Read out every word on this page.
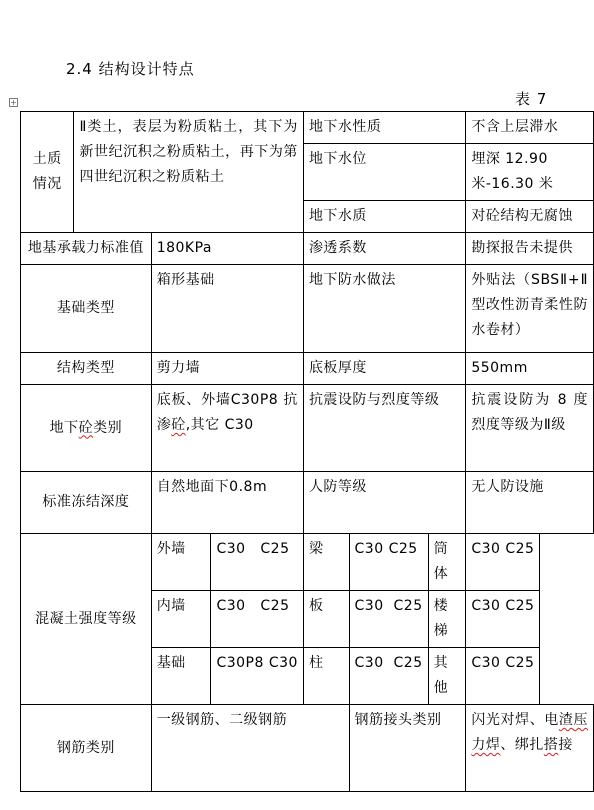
2.4 结构设计特点
表 7
+
土质情况	Ⅱ类土，表层为粉质粘土，其下为新世纪沉积之粉质粘土，再下为第四世纪沉积之粉质粘土			地下水性质			不含上层滞水
				地下水位			埋深 12.90 米-16.30 米
				地下水质			对砼结构无腐蚀
地基承载力标准值		180KPa		渗透系数			勘探报告未提供
基础类型		箱形基础		地下防水做法			外贴法（SBSⅡ+Ⅱ型改性沥青柔性防水卷材）
结构类型		剪力墙		底板厚度			550mm
地下砼类别		底板、外墙C30P8 抗渗砼,其它 C30		抗震设防与烈度等级			抗震设防为 8 度烈度等级为Ⅱ级
标准冻结深度		自然地面下0.8m		人防等级			无人防设施
混凝土强度等级		外墙	C30   C25	梁	C30 C25	筒体	C30 C25
		内墙	C30   C25	板	C30  C25	楼梯	C30 C25
		基础	C30P8 C30	柱	C30  C25	其他	C30 C25
钢筋类别		一级钢筋、二级钢筋			钢筋接头类别		闪光对焊、电渣压力焊、绑扎搭接
